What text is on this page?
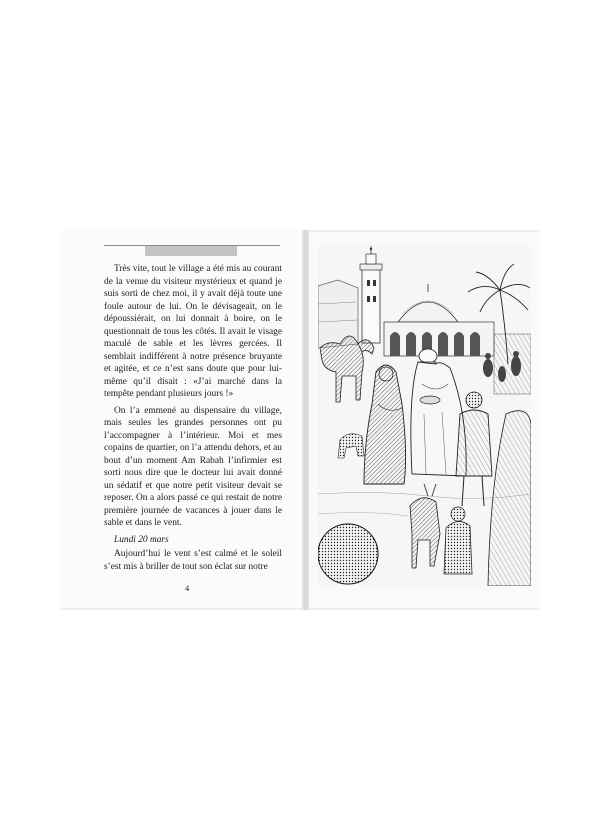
Très vite, tout le village a été mis au courant de la venue du visiteur mystérieux et quand je suis sorti de chez moi, il y avait déjà toute une foule autour de lui. On le dévisageait, on le dépoussiérait, on lui donnait à boire, on le questionnait de tous les côtés. Il avait le visage maculé de sable et les lèvres gercées. Il semblait indifférent à notre présence bruyante et agitée, et ce n’est sans doute que pour lui-même qu’il disait : «J’ai marché dans la tempête pendant plusieurs jours !»

On l’a emmené au dispensaire du village, mais seules les grandes personnes ont pu l’accompagner à l’intérieur. Moi et mes copains de quartier, on l’a attendu dehors, et au bout d’un moment Am Rabah l’infirmier est sorti nous dire que le docteur lui avait donné un sédatif et que notre petit visiteur devait se reposer. On a alors passé ce qui restait de notre première journée de vacances à jouer dans le sable et dans le vent.

Lundi 20 mars

Aujourd’hui le vent s’est calmé et le soleil s’est mis à briller de tout son éclat sur notre

4
